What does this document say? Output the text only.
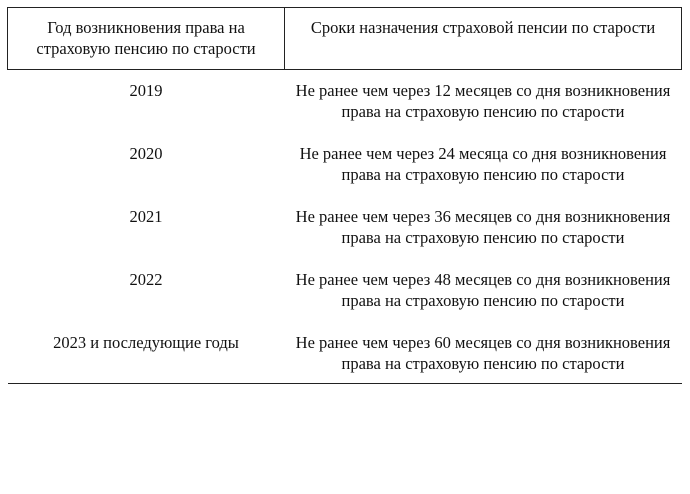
Год возникновения права на страховую пенсию по старости	Сроки назначения страховой пенсии по старости
2019	Не ранее чем через 12 месяцев со дня возникновения права на страховую пенсию по старости
2020	Не ранее чем через 24 месяца со дня возникновения права на страховую пенсию по старости
2021	Не ранее чем через 36 месяцев со дня возникновения права на страховую пенсию по старости
2022	Не ранее чем через 48 месяцев со дня возникновения права на страховую пенсию по старости
2023 и последующие годы	Не ранее чем через 60 месяцев со дня возникновения права на страховую пенсию по старости
